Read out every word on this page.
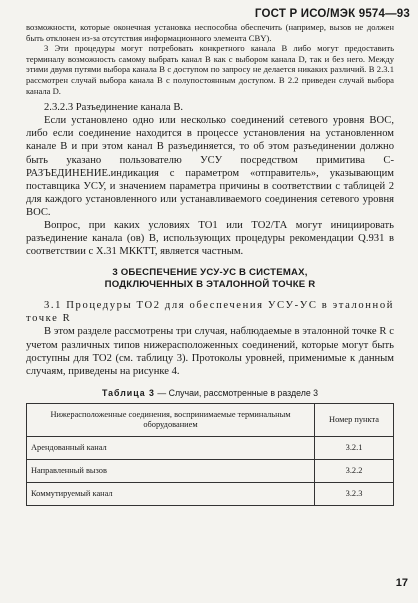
ГОСТ Р ИСО/МЭК 9574—93

возможности, которые оконечная установка неспособна обеспечить (например, вызов не должен быть отклонен из-за отсутствия информационного элемента CBY).

3 Эти процедуры могут потребовать конкретного канала В либо могут предоставить терминалу возможность самому выбрать канал В как с выбором канала D, так и без него. Между этими двумя путями выбора канала В с доступом по запросу не делается никаких различий. В 2.3.1 рассмотрен случай выбора канала В с полупостоянным доступом. В 2.2 приведен случай выбора канала D.

2.3.2.3 Разъединение канала В.

Если установлено одно или несколько соединений сетевого уровня ВОС, либо если соединение находится в процессе установления на установленном канале В и при этом канал В разъединяется, то об этом разъединении должно быть указано пользователю УСУ посредством примитива С-РАЗЪЕДИНЕНИЕ.индикация с параметром «отправитель», указывающим поставщика УСУ, и значением параметра причины в соответствии с таблицей 2 для каждого установленного или устанавливаемого соединения сетевого уровня ВОС.

Вопрос, при каких условиях ТО1 или ТО2/ТА могут инициировать разъединение канала (ов) В, использующих процедуры рекомендации Q.931 в соответствии с Х.31 МККТТ, является частным.

3 ОБЕСПЕЧЕНИЕ УСУ-УС В СИСТЕМАХ,
ПОДКЛЮЧЕННЫХ В ЭТАЛОННОЙ ТОЧКЕ R

3.1 Процедуры ТО2 для обеспечения УСУ-УС в эталонной точке R

В этом разделе рассмотрены три случая, наблюдаемые в эталонной точке R с учетом различных типов нижерасположенных соединений, которые могут быть доступны для ТО2 (см. таблицу 3). Протоколы уровней, применимые к данным случаям, приведены на рисунке 4.

Таблица 3 — Случаи, рассмотренные в разделе 3
Нижерасположенные соединения, воспринимаемые терминальным оборудованием	Номер пункта
Арендованный канал	3.2.1
Направленный вызов	3.2.2
Коммутируемый канал	3.2.3
17
